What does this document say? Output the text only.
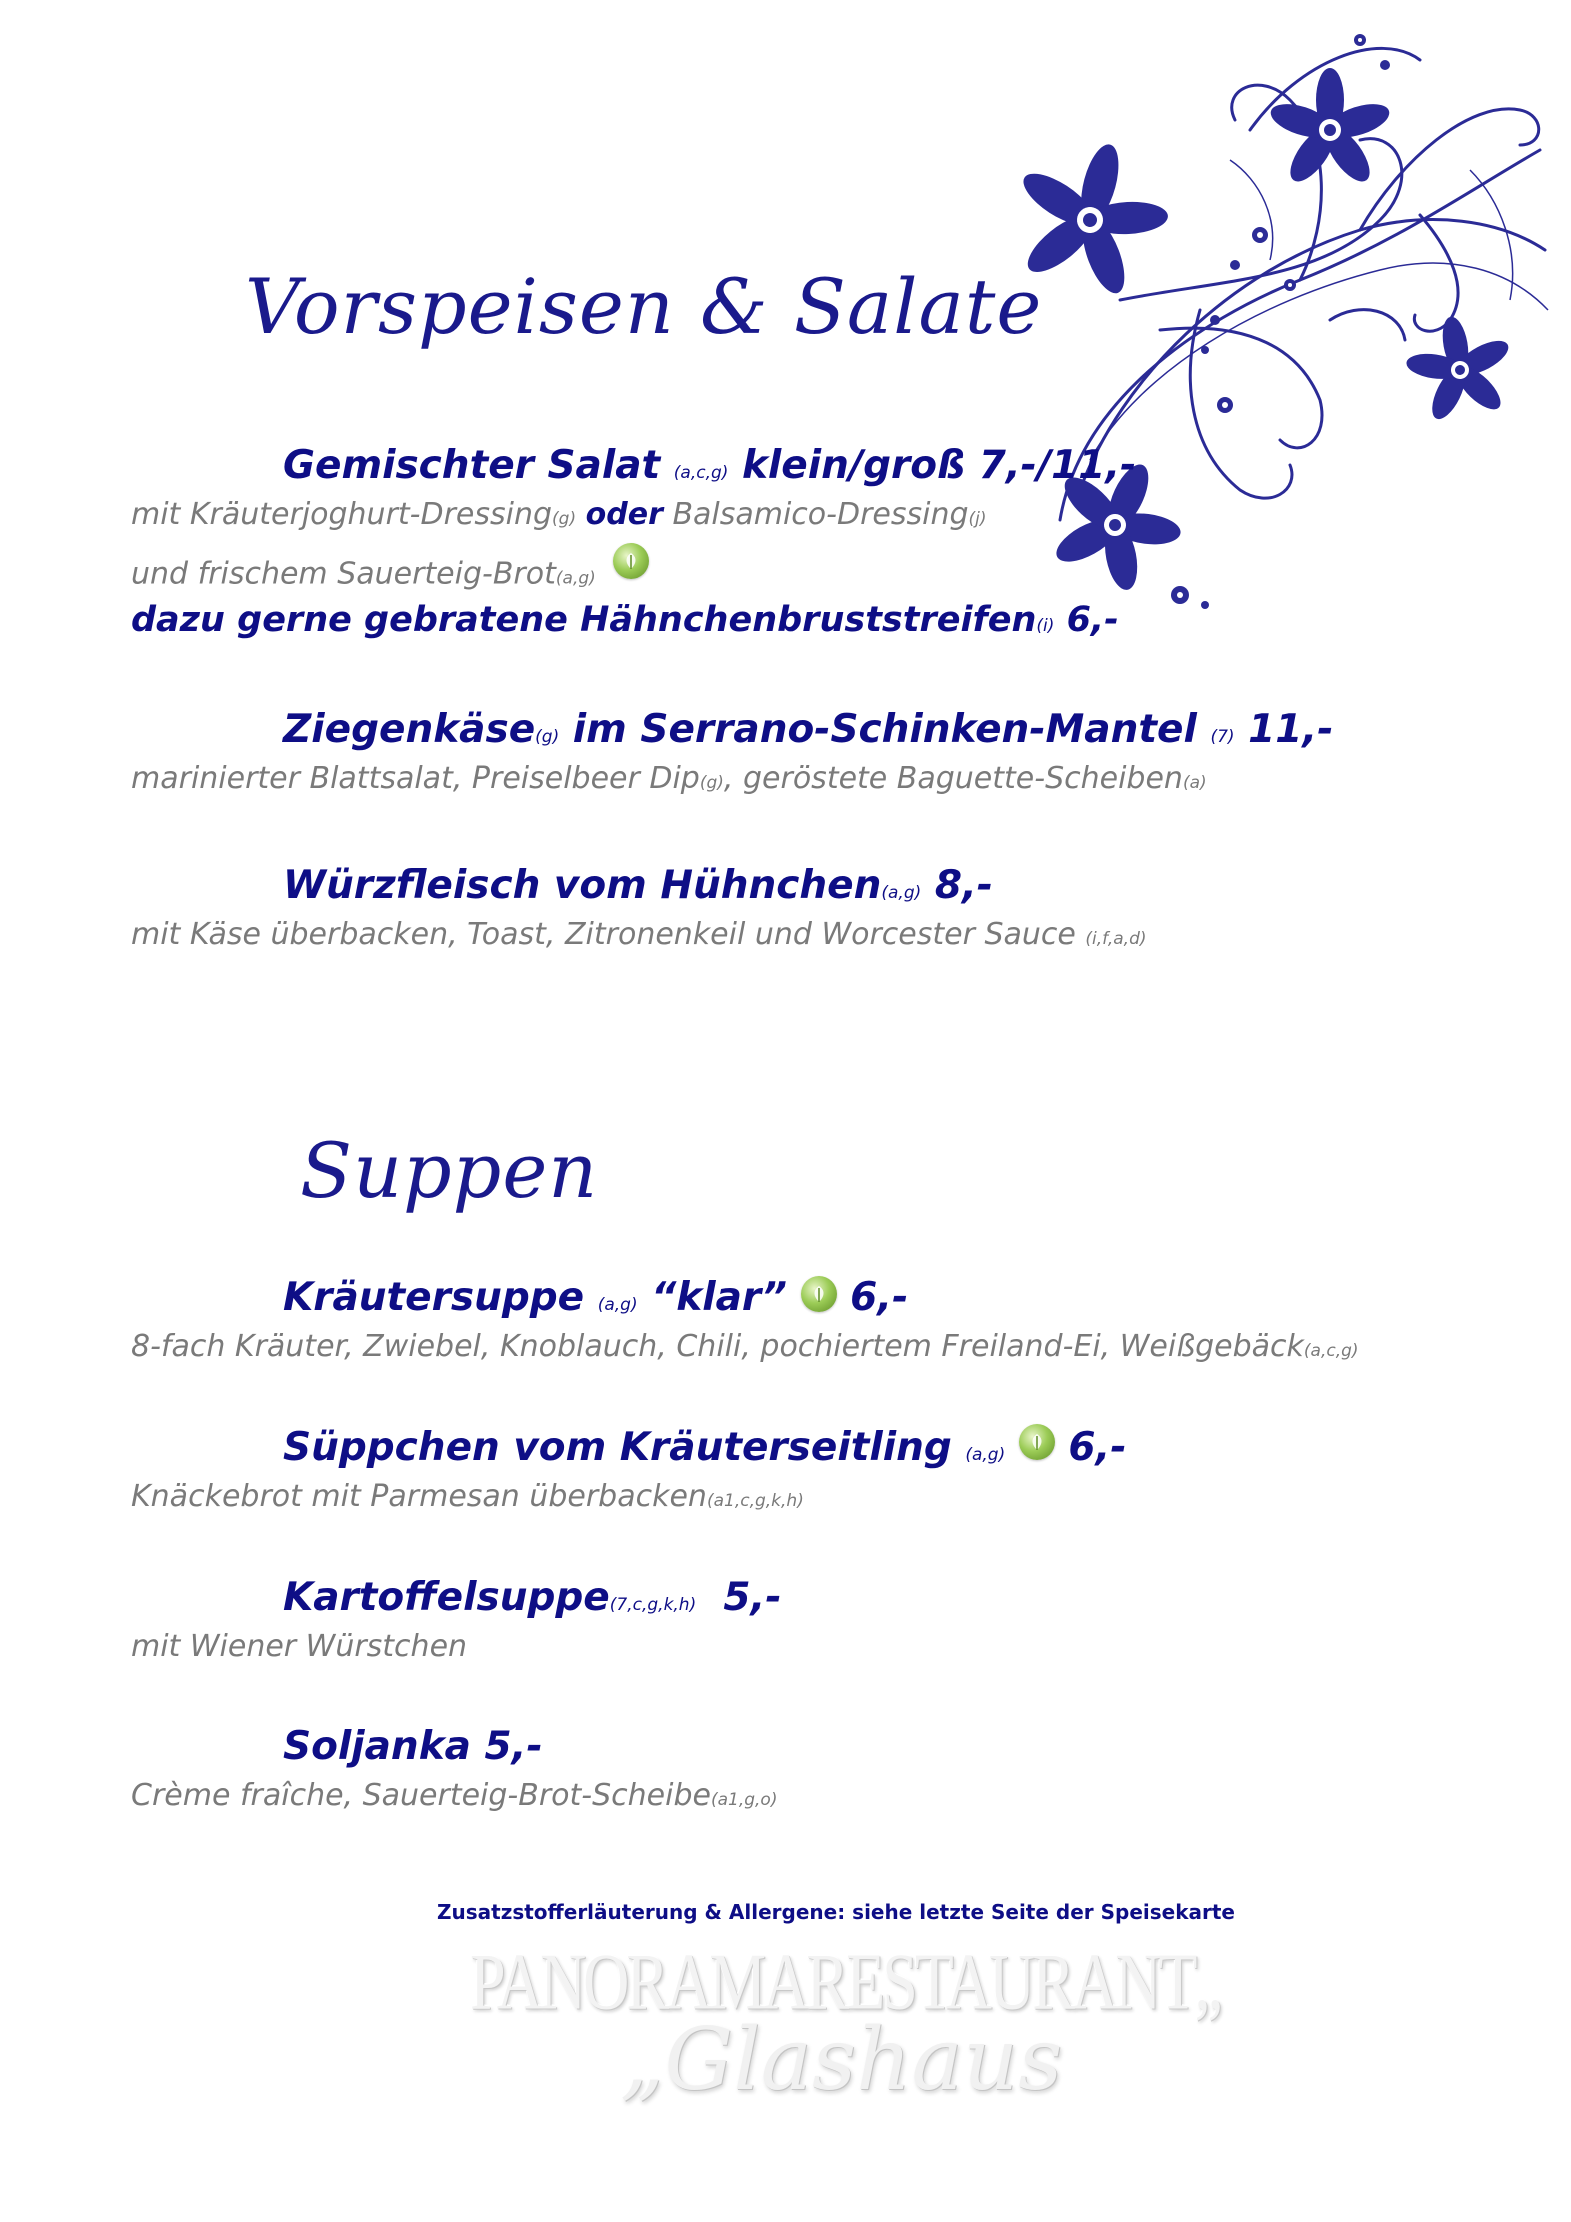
Vorspeisen & Salate
Gemischter Salat (a,c,g) klein/groß 7,-/11,-
mit Kräuterjoghurt-Dressing(g) oder Balsamico-Dressing(j)
und frischem Sauerteig-Brot(a,g)
dazu gerne gebratene Hähnchenbruststreifen(i) 6,-
Ziegenkäse(g) im Serrano-Schinken-Mantel (7) 11,-
marinierter Blattsalat, Preiselbeer Dip(g), geröstete Baguette-Scheiben(a)
Würzfleisch vom Hühnchen(a,g) 8,-
mit Käse überbacken, Toast, Zitronenkeil und Worcester Sauce (i,f,a,d)
Suppen
Kräutersuppe (a,g) “klar” 6,-
8-fach Kräuter, Zwiebel, Knoblauch, Chili, pochiertem Freiland-Ei, Weißgebäck(a,c,g)
Süppchen vom Kräuterseitling (a,g) 6,-
Knäckebrot mit Parmesan überbacken(a1,c,g,k,h)
Kartoffelsuppe(7,c,g,k,h) 5,-
mit Wiener Würstchen
Soljanka 5,-
Crème fraîche, Sauerteig-Brot-Scheibe(a1,g,o)
Zusatzstofferläuterung & Allergene: siehe letzte Seite der Speisekarte
PANORAMARESTAURANT„
„Glashaus
